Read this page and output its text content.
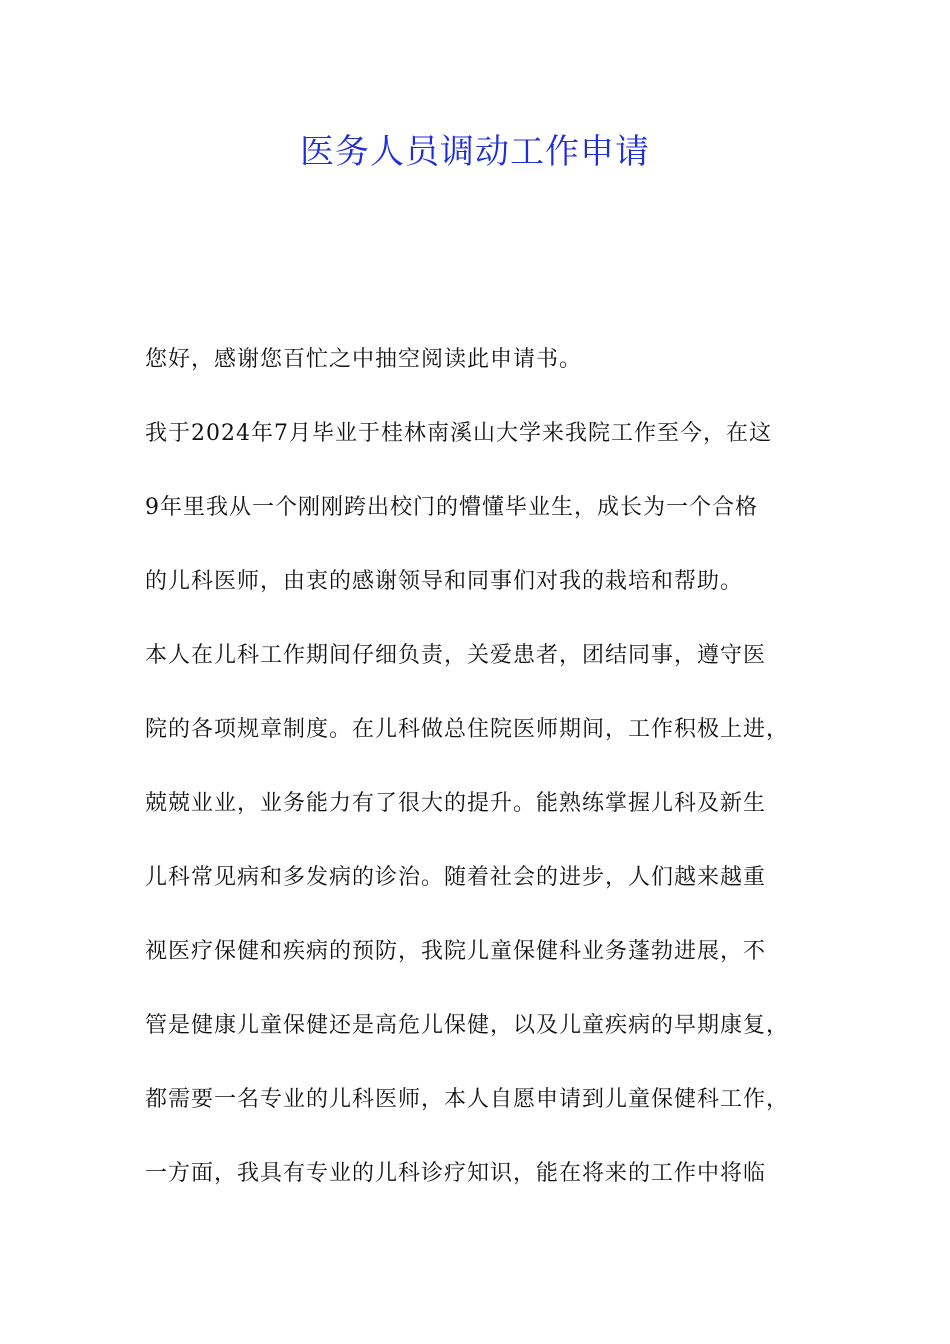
医务人员调动工作申请
您好，感谢您百忙之中抽空阅读此申请书。
我于2024年7月毕业于桂林南溪山大学来我院工作至今，在这
9年里我从一个刚刚跨出校门的懵懂毕业生，成长为一个合格
的儿科医师，由衷的感谢领导和同事们对我的栽培和帮助。
本人在儿科工作期间仔细负责，关爱患者，团结同事，遵守医
院的各项规章制度。在儿科做总住院医师期间，工作积极上进，
兢兢业业，业务能力有了很大的提升。能熟练掌握儿科及新生
儿科常见病和多发病的诊治。随着社会的进步，人们越来越重
视医疗保健和疾病的预防，我院儿童保健科业务蓬勃进展，不
管是健康儿童保健还是高危儿保健，以及儿童疾病的早期康复，
都需要一名专业的儿科医师，本人自愿申请到儿童保健科工作，
一方面，我具有专业的儿科诊疗知识，能在将来的工作中将临
